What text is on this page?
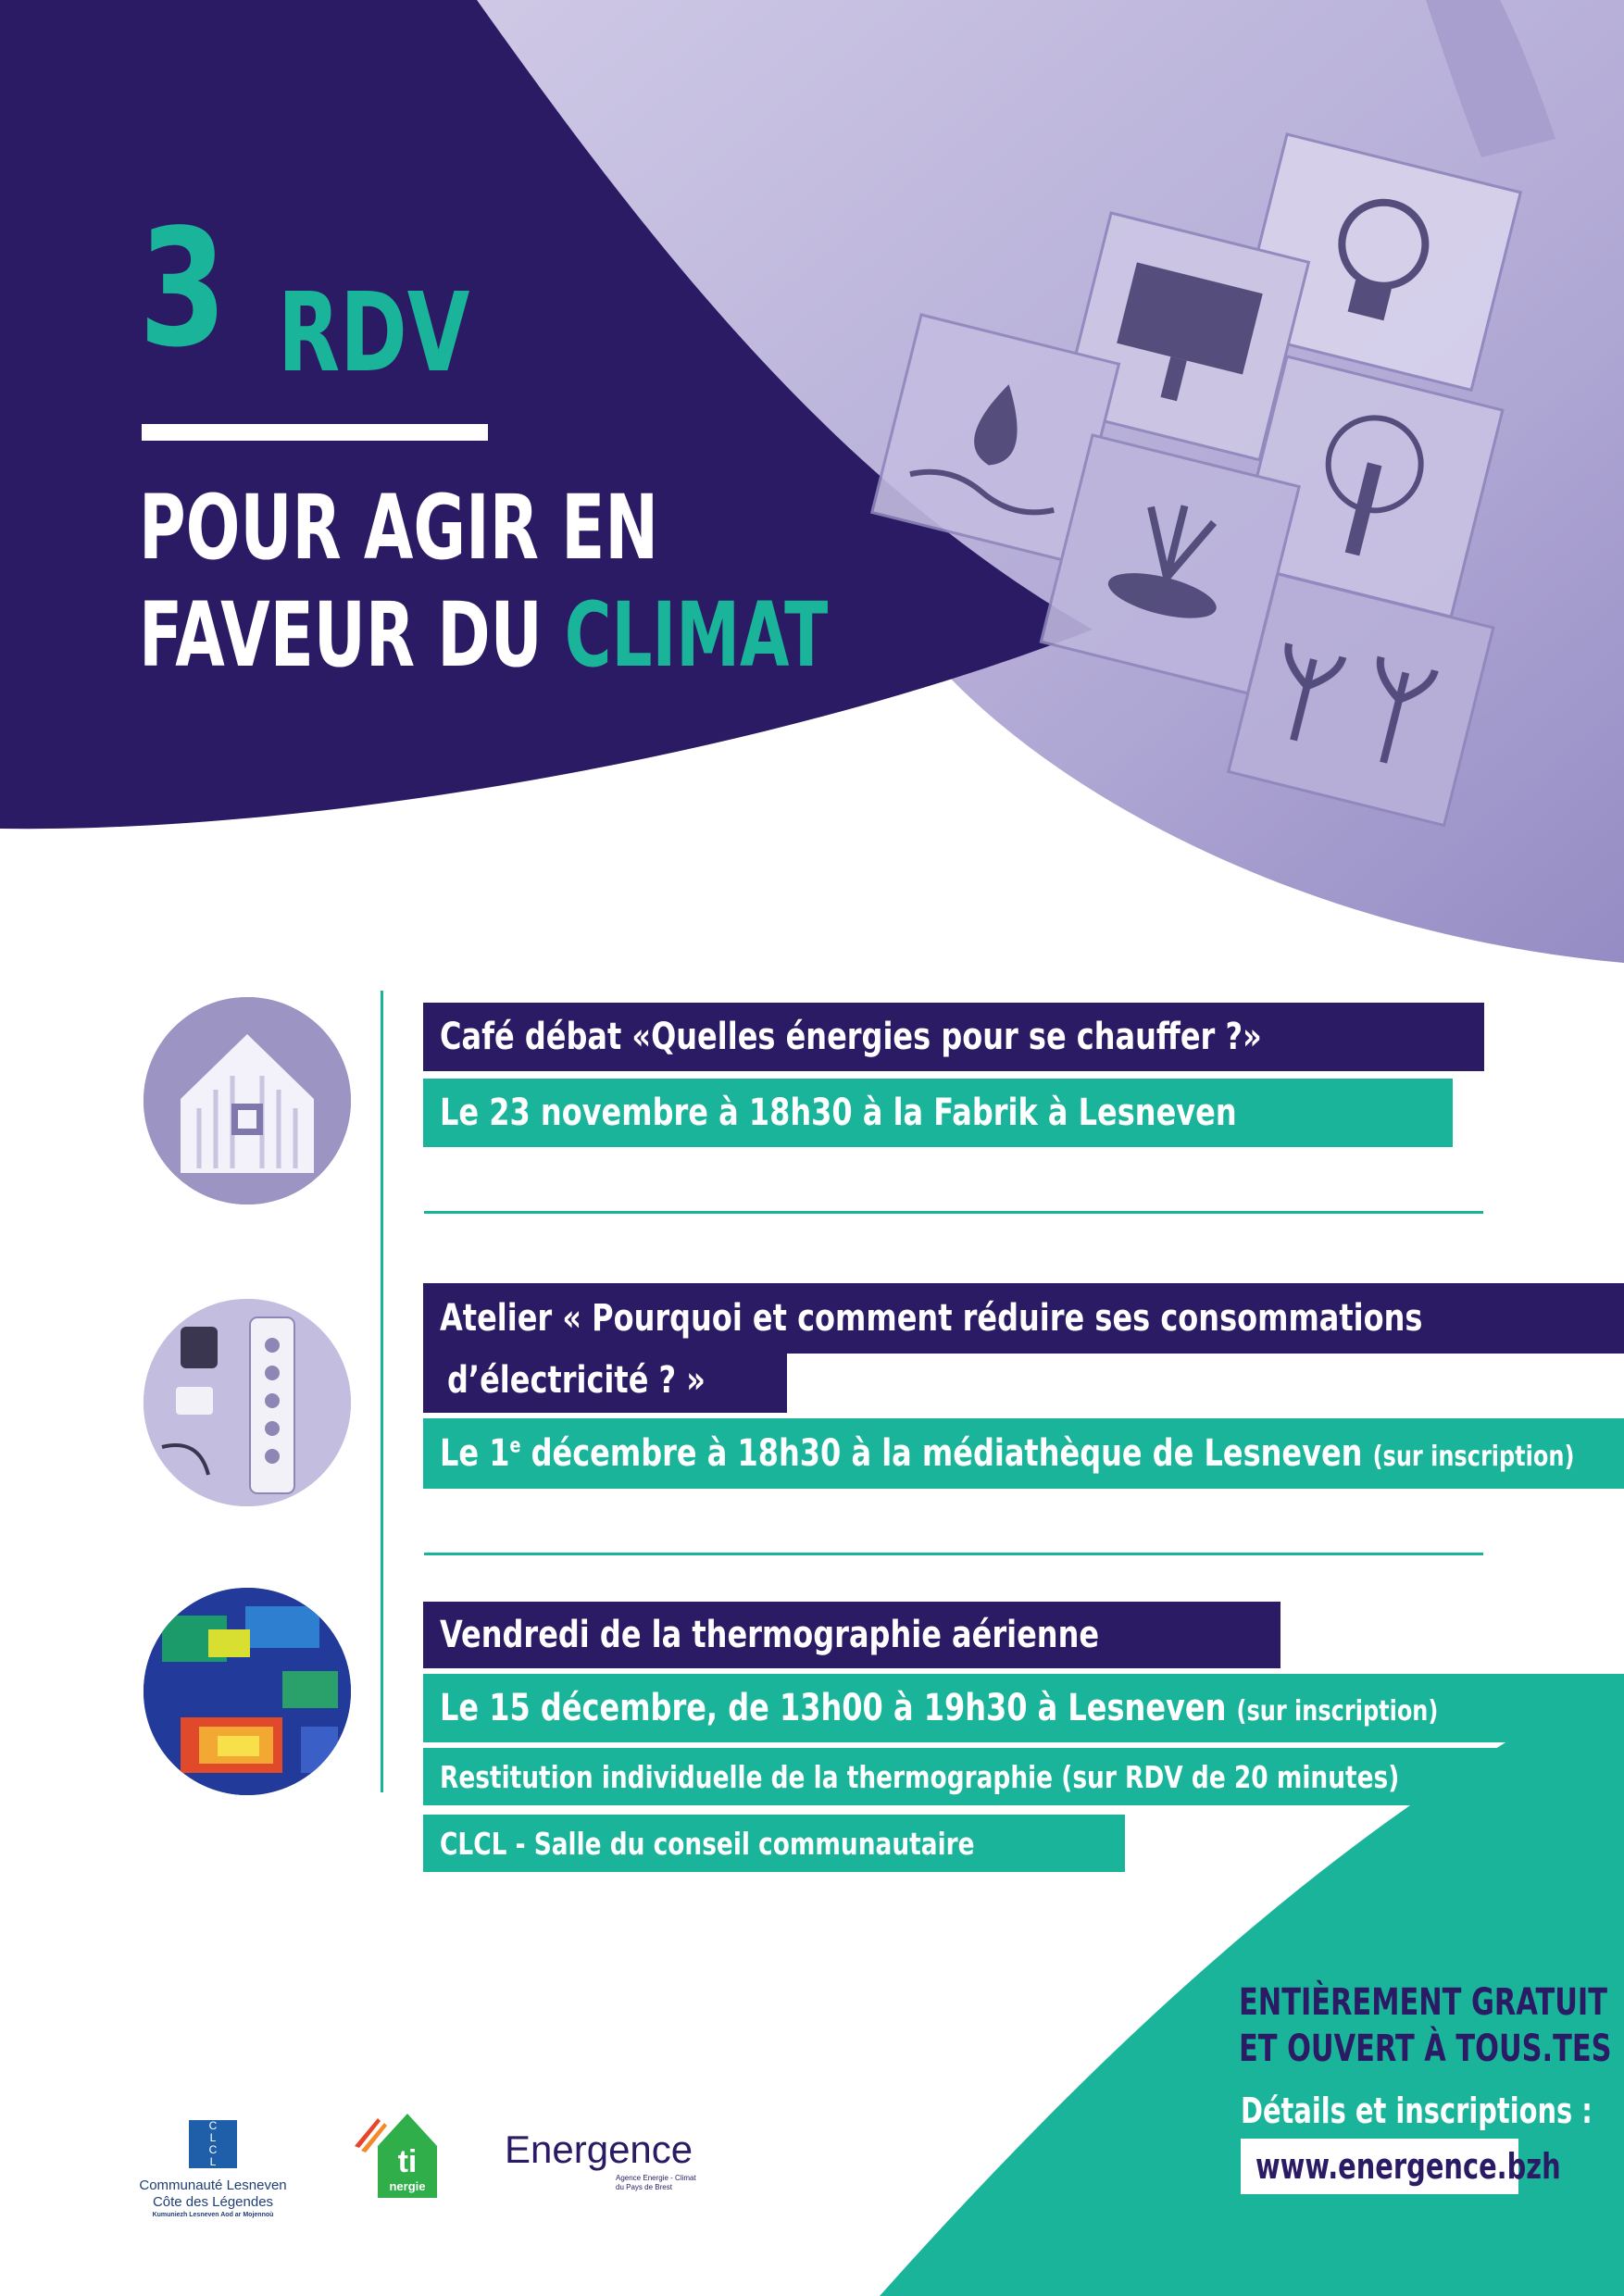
3 RDV
POUR AGIR EN
FAVEUR DU CLIMAT
Café débat «Quelles énergies pour se chauffer ?»
Le 23 novembre à 18h30 à la Fabrik à Lesneven
Atelier « Pourquoi et comment réduire ses consommations
d’électricité ? »
Le 1e décembre à 18h30 à la médiathèque de Lesneven (sur inscription)
Vendredi de la thermographie aérienne
Le 15 décembre, de 13h00 à 19h30 à Lesneven (sur inscription)
Restitution individuelle de la thermographie (sur RDV de 20 minutes)
CLCL - Salle du conseil communautaire
ENTIÈREMENT GRATUIT
ET OUVERT À TOUS.TES
Détails et inscriptions :
www.energence.bzh
C
L
C
L
Communauté Lesneven
Côte des Légendes
Kumuniezh Lesneven Aod ar Mojennoù
ti
nergie
Energence
Agence Energie - Climat du Pays de Brest
